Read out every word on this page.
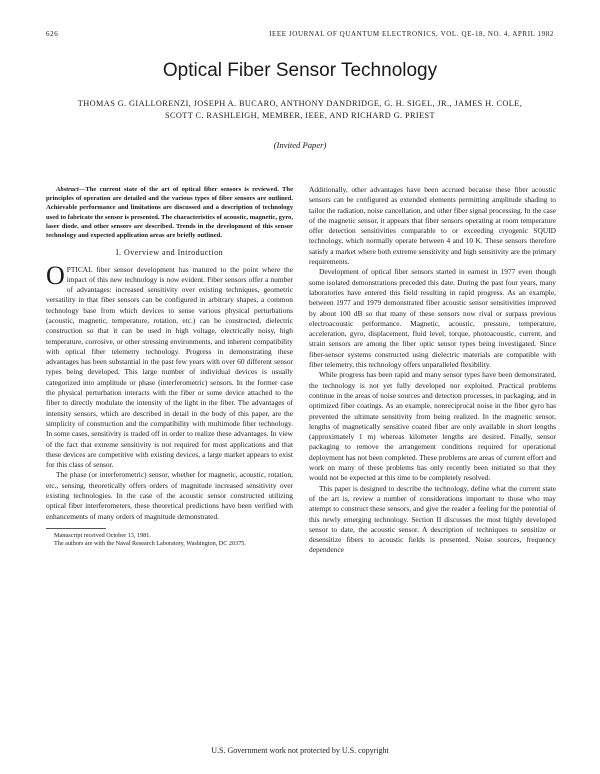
626	IEEE JOURNAL OF QUANTUM ELECTRONICS, VOL. QE-18, NO. 4, APRIL 1982
Optical Fiber Sensor Technology
THOMAS G. GIALLORENZI, JOSEPH A. BUCARO, ANTHONY DANDRIDGE, G. H. SIGEL, JR., JAMES H. COLE,
SCOTT C. RASHLEIGH, MEMBER, IEEE, AND RICHARD G. PRIEST
(Invited Paper)

Abstract—The current state of the art of optical fiber sensors is reviewed. The principles of operation are detailed and the various types of fiber sensors are outlined. Achievable performance and limitations are discussed and a description of technology used to fabricate the sensor is presented. The characteristics of acoustic, magnetic, gyro, laser diode, and other sensors are described. Trends in the development of this sensor technology and expected application areas are briefly outlined.

I. Overview and Introduction

OPTICAL fiber sensor development has matured to the point where the impact of this new technology is now evident. Fiber sensors offer a number of advantages: increased sensitivity over existing techniques, geometric versatility in that fiber sensors can be configured in arbitrary shapes, a common technology base from which devices to sense various physical perturbations (acoustic, magnetic, temperature, rotation, etc.) can be constructed, dielectric construction so that it can be used in high voltage, electrically noisy, high temperature, corrosive, or other stressing environments, and inherent compatibility with optical fiber telemetry technology. Progress in demonstrating these advantages has been substantial in the past few years with over 60 different sensor types being developed. This large number of individual devices is usually categorized into amplitude or phase (interferometric) sensors. In the former case the physical perturbation interacts with the fiber or some device attached to the fiber to directly modulate the intensity of the light in the fiber. The advantages of intensity sensors, which are described in detail in the body of this paper, are the simplicity of construction and the compatibility with multimode fiber technology. In some cases, sensitivity is traded off in order to realize these advantages. In view of the fact that extreme sensitivity is not required for most applications and that these devices are competitive with existing devices, a large market appears to exist for this class of sensor.

The phase (or interferometric) sensor, whether for magnetic, acoustic, rotation, etc., sensing, theoretically offers orders of magnitude increased sensitivity over existing technologies. In the case of the acoustic sensor constructed utilizing optical fiber interferometers, these theoretical predictions have been verified with enhancements of many orders of magnitude demonstrated.

Manuscript received October 13, 1981.
The authors are with the Naval Research Laboratory, Washington, DC 20375.

Additionally, other advantages have been accrued because these fiber acoustic sensors can be configured as extended elements permitting amplitude shading to tailor the radiation, noise cancellation, and other fiber signal processing. In the case of the magnetic sensor, it appears that fiber sensors operating at room temperature offer detection sensitivities comparable to or exceeding cryogenic SQUID technology, which normally operate between 4 and 10 K. These sensors therefore satisfy a market where both extreme sensitivity and high sensitivity are the primary requirements.

Development of optical fiber sensors started in earnest in 1977 even though some isolated demonstrations preceded this date. During the past four years, many laboratories have entered this field resulting in rapid progress. As an example, between 1977 and 1979 demonstrated fiber acoustic sensor sensitivities improved by about 100 dB so that many of these sensors now rival or surpass previous electroacoustic performance. Magnetic, acoustic, pressure, temperature, acceleration, gyro, displacement, fluid level, torque, photoacoustic, current, and strain sensors are among the fiber optic sensor types being investigated. Since fiber-sensor systems constructed using dielectric materials are compatible with fiber telemetry, this technology offers unparalleled flexibility.

While progress has been rapid and many sensor types have been demonstrated, the technology is not yet fully developed nor exploited. Practical problems continue in the areas of noise sources and detection processes, in packaging, and in optimized fiber coatings. As an example, nonreciprocal noise in the fiber gyro has prevented the ultimate sensitivity from being realized. In the magnetic sensor, lengths of magnetically sensitive coated fiber are only available in short lengths (approximately 1 m) whereas kilometer lengths are desired. Finally, sensor packaging to remove the arrangement conditions required for operational deployment has not been completed. These problems are areas of current effort and work on many of these problems has only recently been initiated so that they would not be expected at this time to be completely resolved.

This paper is designed to describe the technology, define what the current state of the art is, review a number of considerations important to those who may attempt to construct these sensors, and give the reader a feeling for the potential of this newly emerging technology. Section II discusses the most highly developed sensor to date, the acoustic sensor. A description of techniques to sensitize or desensitize fibers to acoustic fields is presented. Noise sources, frequency dependence

U.S. Government work not protected by U.S. copyright
